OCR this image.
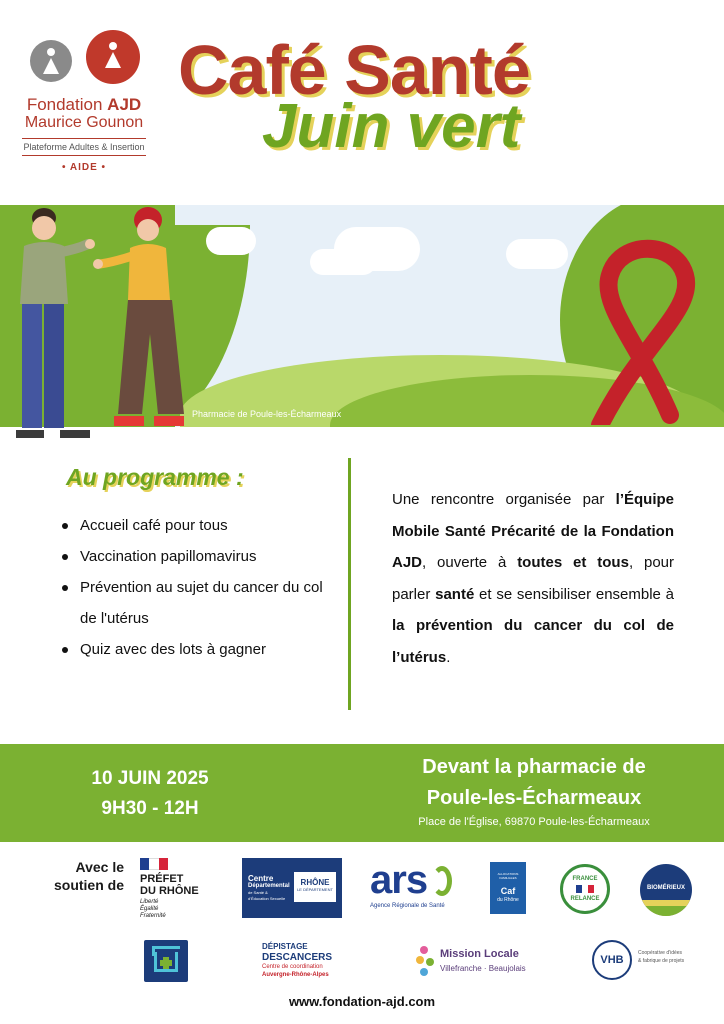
Fondation AJD
Maurice Gounon
Plateforme Adultes & Insertion
• AIDE •
Café Santé
Juin vert
Pharmacie de Poule-les-Écharmeaux
Au programme :
Accueil café pour tous
Vaccination papillomavirus
Prévention au sujet du cancer du col de l'utérus
Quiz avec des lots à gagner

Une rencontre organisée par l’Équipe Mobile Santé Précarité de la Fondation AJD, ouverte à toutes et tous, pour parler santé et se sensibiliser ensemble à la prévention du cancer du col de l’utérus.

10 JUIN 2025
9H30 - 12H
Devant la pharmacie de
Poule-les-Écharmeaux
Place de l'Église, 69870 Poule-les-Écharmeaux
Avec le
soutien de PRÉFET
DU RHÔNE
Liberté
Égalité
Fraternité
Centre
Départemental
de Santé &
d'Éducation Sexuelle
RHÔNE
LE DÉPARTEMENT ars
Agence Régionale de Santé
ALLOCATIONS
FAMILIALES
Caf
du Rhône
FRANCE
RELANCE
BIOMÉRIEUX
DÉPISTAGE
DESCANCERS
Centre de coordination
Auvergne-Rhône-Alpes
Mission Locale
Villefranche · Beaujolais
VHB
Coopérative d'idées
& fabrique de projets
www.fondation-ajd.com
